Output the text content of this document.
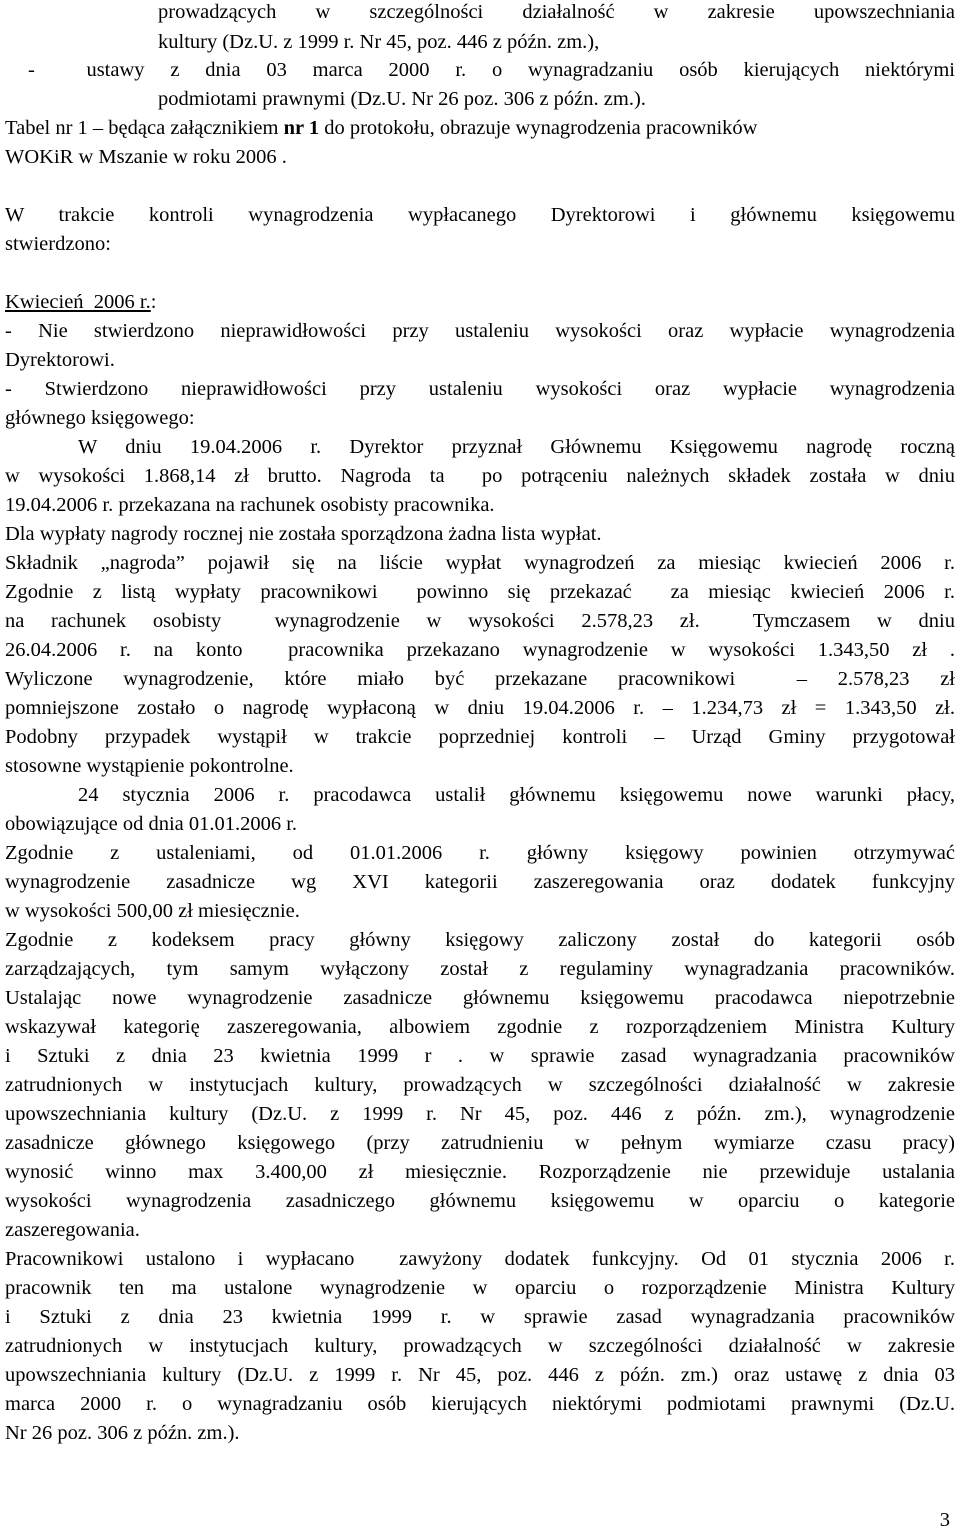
prowadzących w szczególności działalność w zakresie upowszechniania
kultury (Dz.U. z 1999 r. Nr 45, poz. 446 z późn. zm.),
-  ustawy z dnia 03 marca 2000 r. o wynagradzaniu osób kierujących niektórymi
podmiotami prawnymi (Dz.U. Nr 26 poz. 306 z późn. zm.).
Tabel nr 1 – będąca załącznikiem nr 1 do protokołu, obrazuje wynagrodzenia pracowników
WOKiR w Mszanie w roku 2006 .
W trakcie kontroli wynagrodzenia wypłacanego Dyrektorowi i głównemu księgowemu
stwierdzono:
Kwiecień  2006 r.:
- Nie stwierdzono nieprawidłowości przy ustaleniu wysokości oraz wypłacie wynagrodzenia
Dyrektorowi.
- Stwierdzono nieprawidłowości przy ustaleniu wysokości oraz wypłacie wynagrodzenia
głównego księgowego:
W dniu 19.04.2006 r. Dyrektor przyznał Głównemu Księgowemu nagrodę roczną
w wysokości 1.868,14 zł brutto. Nagroda ta  po potrąceniu należnych składek została w dniu
19.04.2006 r. przekazana na rachunek osobisty pracownika.
Dla wypłaty nagrody rocznej nie została sporządzona żadna lista wypłat.
Składnik „nagroda” pojawił się na liście wypłat wynagrodzeń za miesiąc kwiecień 2006 r.
Zgodnie z listą wypłaty pracownikowi  powinno się przekazać  za miesiąc kwiecień 2006 r.
na rachunek osobisty  wynagrodzenie w wysokości 2.578,23 zł.  Tymczasem w dniu
26.04.2006 r. na konto  pracownika przekazano wynagrodzenie w wysokości 1.343,50 zł .
Wyliczone wynagrodzenie, które miało być przekazane pracownikowi  – 2.578,23 zł
pomniejszone zostało o nagrodę wypłaconą w dniu 19.04.2006 r. – 1.234,73 zł = 1.343,50 zł.
Podobny przypadek wystąpił w trakcie poprzedniej kontroli – Urząd Gminy przygotował
stosowne wystąpienie pokontrolne.
24 stycznia 2006 r. pracodawca ustalił głównemu księgowemu nowe warunki płacy,
obowiązujące od dnia 01.01.2006 r.
Zgodnie z ustaleniami, od 01.01.2006 r. główny księgowy powinien otrzymywać
wynagrodzenie zasadnicze wg XVI kategorii zaszeregowania oraz dodatek funkcyjny
w wysokości 500,00 zł miesięcznie.
Zgodnie z kodeksem pracy główny księgowy zaliczony został do kategorii osób
zarządzających, tym samym wyłączony został z regulaminy wynagradzania pracowników.
Ustalając nowe wynagrodzenie zasadnicze głównemu księgowemu pracodawca niepotrzebnie
wskazywał kategorię zaszeregowania, albowiem zgodnie z rozporządzeniem Ministra Kultury
i Sztuki z dnia 23 kwietnia 1999 r . w sprawie zasad wynagradzania pracowników
zatrudnionych w instytucjach kultury, prowadzących w szczególności działalność w zakresie
upowszechniania kultury (Dz.U. z 1999 r. Nr 45, poz. 446 z późn. zm.), wynagrodzenie
zasadnicze głównego księgowego (przy zatrudnieniu w pełnym wymiarze czasu pracy)
wynosić winno max 3.400,00 zł miesięcznie. Rozporządzenie nie przewiduje ustalania
wysokości wynagrodzenia zasadniczego głównemu księgowemu w oparciu o kategorie
zaszeregowania.
Pracownikowi ustalono i wypłacano  zawyżony dodatek funkcyjny. Od 01 stycznia 2006 r.
pracownik ten ma ustalone wynagrodzenie w oparciu o rozporządzenie Ministra Kultury
i Sztuki z dnia 23 kwietnia 1999 r. w sprawie zasad wynagradzania pracowników
zatrudnionych w instytucjach kultury, prowadzących w szczególności działalność w zakresie
upowszechniania kultury (Dz.U. z 1999 r. Nr 45, poz. 446 z późn. zm.) oraz ustawę z dnia 03
marca 2000 r. o wynagradzaniu osób kierujących niektórymi podmiotami prawnymi (Dz.U.
Nr 26 poz. 306 z późn. zm.).
3
